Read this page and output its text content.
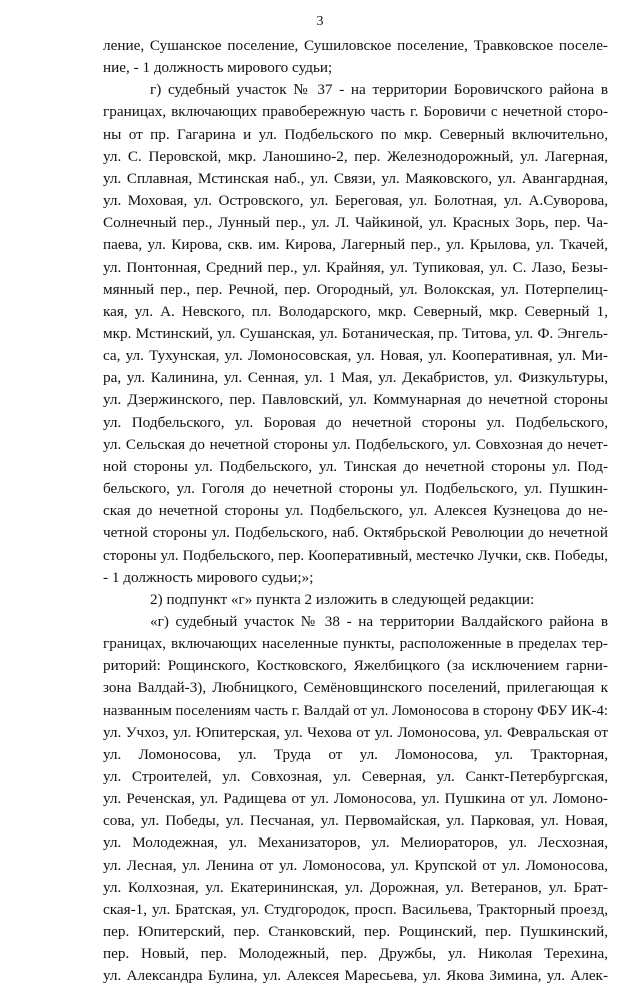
3
ление, Сушанское поселение, Сушиловское поселение, Травковское поселе-
ние, - 1 должность мирового судьи;
г) судебный участок № 37 - на территории Боровичского района в
границах, включающих правобережную часть г. Боровичи с нечетной сторо-
ны от пр. Гагарина и ул. Подбельского по мкр. Северный включительно,
ул. С. Перовской, мкр. Ланошино-2, пер. Железнодорожный, ул. Лагерная,
ул. Сплавная, Мстинская наб., ул. Связи, ул. Маяковского, ул. Авангардная,
ул. Моховая, ул. Островского, ул. Береговая, ул. Болотная, ул. А.Суворова,
Солнечный пер., Лунный пер., ул. Л. Чайкиной, ул. Красных Зорь, пер. Ча-
паева, ул. Кирова, скв. им. Кирова, Лагерный пер., ул. Крылова, ул. Ткачей,
ул. Понтонная, Средний пер., ул. Крайняя, ул. Тупиковая, ул. С. Лазо, Безы-
мянный пер., пер. Речной, пер. Огородный, ул. Волокская, ул. Потерпелиц-
кая, ул. А. Невского, пл. Володарского, мкр. Северный, мкр. Северный 1,
мкр. Мстинский, ул. Сушанская, ул. Ботаническая, пр. Титова, ул. Ф. Энгель-
са, ул. Тухунская, ул. Ломоносовская, ул. Новая, ул. Кооперативная, ул. Ми-
ра, ул. Калинина, ул. Сенная, ул. 1 Мая, ул. Декабристов, ул. Физкультуры,
ул. Дзержинского, пер. Павловский, ул. Коммунарная до нечетной стороны
ул. Подбельского, ул. Боровая до нечетной стороны ул. Подбельского,
ул. Сельская до нечетной стороны ул. Подбельского, ул. Совхозная до нечет-
ной стороны ул. Подбельского, ул. Тинская до нечетной стороны ул. Под-
бельского, ул. Гоголя до нечетной стороны ул. Подбельского, ул. Пушкин-
ская до нечетной стороны ул. Подбельского, ул. Алексея Кузнецова до не-
четной стороны ул. Подбельского, наб. Октябрьской Революции до нечетной
стороны ул. Подбельского, пер. Кооперативный, местечко Лучки, скв. Победы,
- 1 должность мирового судьи;»;
2) подпункт «г» пункта 2 изложить в следующей редакции:
«г) судебный участок № 38 - на территории Валдайского района в
границах, включающих населенные пункты, расположенные в пределах тер-
риторий: Рощинского, Костковского, Яжелбицкого (за исключением гарни-
зона Валдай-3), Любницкого, Семёновщинского поселений, прилегающая к
названным поселениям часть г. Валдай от ул. Ломоносова в сторону ФБУ ИК-4:
ул. Учхоз, ул. Юпитерская, ул. Чехова от ул. Ломоносова, ул. Февральская от
ул. Ломоносова, ул. Труда от ул. Ломоносова, ул. Тракторная,
ул. Строителей, ул. Совхозная, ул. Северная, ул. Санкт-Петербургская,
ул. Реченская, ул. Радищева от ул. Ломоносова, ул. Пушкина от ул. Ломоно-
сова, ул. Победы, ул. Песчаная, ул. Первомайская, ул. Парковая, ул. Новая,
ул. Молодежная, ул. Механизаторов, ул. Мелиораторов, ул. Лесхозная,
ул. Лесная, ул. Ленина от ул. Ломоносова, ул. Крупской от ул. Ломоносова,
ул. Колхозная, ул. Екатерининская, ул. Дорожная, ул. Ветеранов, ул. Брат-
ская-1, ул. Братская, ул. Студгородок, просп. Васильева, Тракторный проезд,
пер. Юпитерский, пер. Станковский, пер. Рощинский, пер. Пушкинский,
пер. Новый, пер. Молодежный, пер. Дружбы, ул. Николая Терехина,
ул. Александра Булина, ул. Алексея Маресьева, ул. Якова Зимина, ул. Алек-
